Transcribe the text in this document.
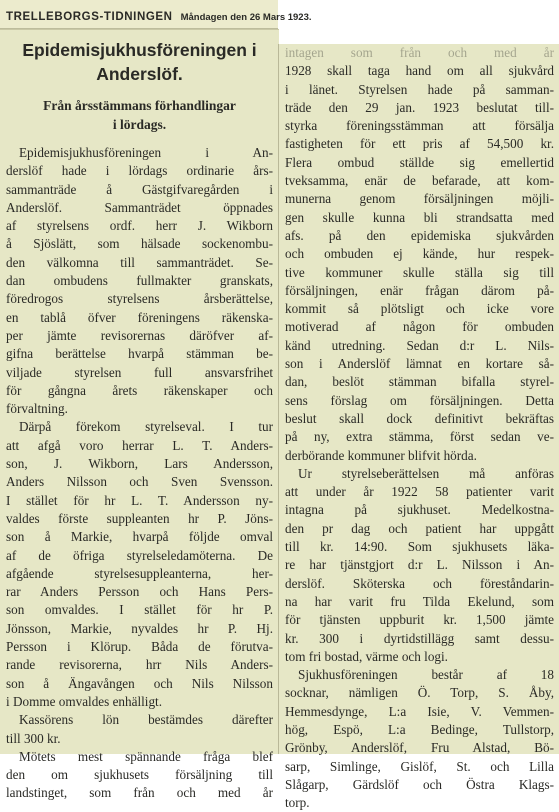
TRELLEBORGS-TIDNINGEN Måndagen den 26 Mars 1923.
Epidemisjukhusföreningen i
Anderslöf.
Från årsstämmans förhandlingar
i lördags.
Epidemisjukhusföreningen i An-
derslöf hade i lördags ordinarie års-
sammanträde å Gästgifvaregården i
Anderslöf. Sammanträdet öppnades
af styrelsens ordf. herr J. Wikborn
å Sjöslätt, som hälsade sockenombu-
den välkomna till sammanträdet. Se-
dan ombudens fullmakter granskats,
föredrogos styrelsens årsberättelse,
en tablå öfver föreningens räkenska-
per jämte revisorernas däröfver af-
gifna berättelse hvarpå stämman be-
viljade styrelsen full ansvarsfrihet
för gångna årets räkenskaper och
förvaltning.
Därpå förekom styrelseval. I tur
att afgå voro herrar L. T. Anders-
son, J. Wikborn, Lars Andersson,
Anders Nilsson och Sven Svensson.
I stället för hr L. T. Andersson ny-
valdes förste suppleanten hr P. Jöns-
son å Markie, hvarpå följde omval
af de öfriga styrelseledamöterna. De
afgående styrelsesuppleanterna, her-
rar Anders Persson och Hans Pers-
son omvaldes. I stället för hr P.
Jönsson, Markie, nyvaldes hr P. Hj.
Persson i Klörup. Båda de förutva-
rande revisorerna, hrr Nils Anders-
son å Ängavången och Nils Nilsson
i Domme omvaldes enhälligt.
Kassörens lön bestämdes därefter
till 300 kr.
Mötets mest spännande fråga blef
den om sjukhusets försäljning till
landstinget, som från och med år
intagen som från och med år
1928 skall taga hand om all sjukvård
i länet. Styrelsen hade på samman-
träde den 29 jan. 1923 beslutat till-
styrka föreningsstämman att försälja
fastigheten för ett pris af 54,500 kr.
Flera ombud ställde sig emellertid
tveksamma, enär de befarade, att kom-
munerna genom försäljningen möjli-
gen skulle kunna bli strandsatta med
afs. på den epidemiska sjukvården
och ombuden ej kände, hur respek-
tive kommuner skulle ställa sig till
försäljningen, enär frågan därom på-
kommit så plötsligt och icke vore
motiverad af någon för ombuden
känd utredning. Sedan d:r L. Nils-
son i Anderslöf lämnat en kortare så-
dan, beslöt stämman bifalla styrel-
sens förslag om försäljningen. Detta
beslut skall dock definitivt bekräftas
på ny, extra stämma, först sedan ve-
derbörande kommuner blifvit hörda.
Ur styrelseberättelsen må anföras
att under år 1922 58 patienter varit
intagna på sjukhuset. Medelkostna-
den pr dag och patient har uppgått
till kr. 14:90. Som sjukhusets läka-
re har tjänstgjort d:r L. Nilsson i An-
derslöf. Sköterska och föreståndarin-
na har varit fru Tilda Ekelund, som
för tjänsten uppburit kr. 1,500 jämte
kr. 300 i dyrtidstillägg samt dessu-
tom fri bostad, värme och logi.
Sjukhusföreningen består af 18
socknar, nämligen Ö. Torp, S. Åby,
Hemmesdynge, L:a Isie, V. Vemmen-
hög, Espö, L:a Bedinge, Tullstorp,
Grönby, Anderslöf, Fru Alstad, Bö-
sarp, Simlinge, Gislöf, St. och Lilla
Slågarp, Gärdslöf och Östra Klags-
torp.
